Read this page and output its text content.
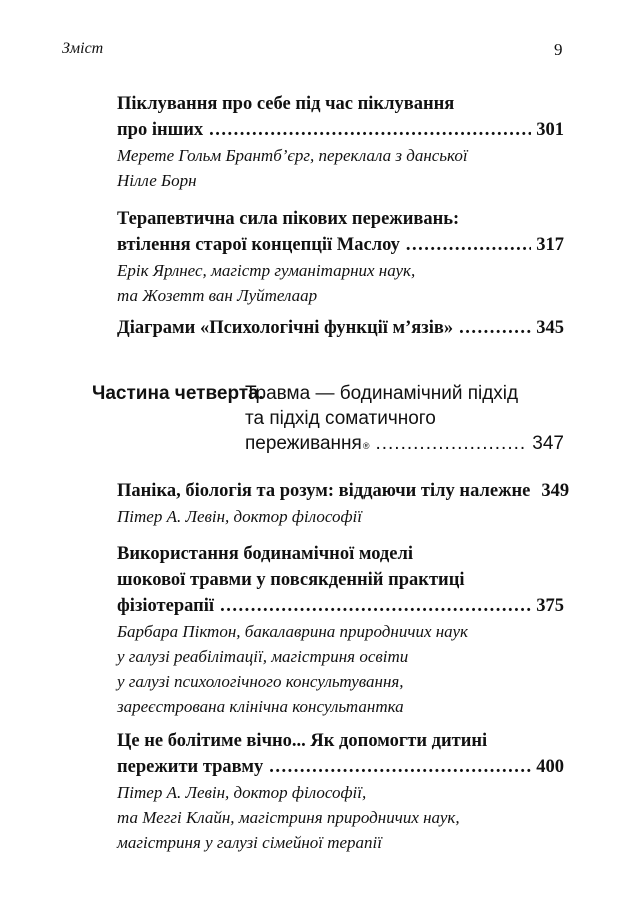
Зміст	9
Піклування про себе під час піклування
про інших .....	301
Мерете Гольм Брантб’єрг, переклала з данської
Нілле Борн
Терапевтична сила пікових переживань:
втілення старої концепції Маслоу .....	317
Ерік Ярлнес, магістр гуманітарних наук,
та Жозетт ван Луйтелаар
Діаграми «Психологічні функції м’язів» .....	345
Частина четверта.
Травма — бодинамічний підхід
та підхід соматичного
переживання ® .....	347
Паніка, біологія та розум: віддаючи тілу належне 349
Пітер А. Левін, доктор філософії
Використання бодинамічної моделі
шокової травми у повсякденній практиці
фізіотерапії .....	375
Барбара Піктон, бакалаврина природничих наук
у галузі реабілітації, магістриня освіти
у галузі психологічного консультування,
зареєстрована клінічна консультантка
Це не болітиме вічно... Як допомогти дитині
пережити травму .....	400
Пітер А. Левін, доктор філософії,
та Меггі Клайн, магістриня природничих наук,
магістриня у галузі сімейної терапії
